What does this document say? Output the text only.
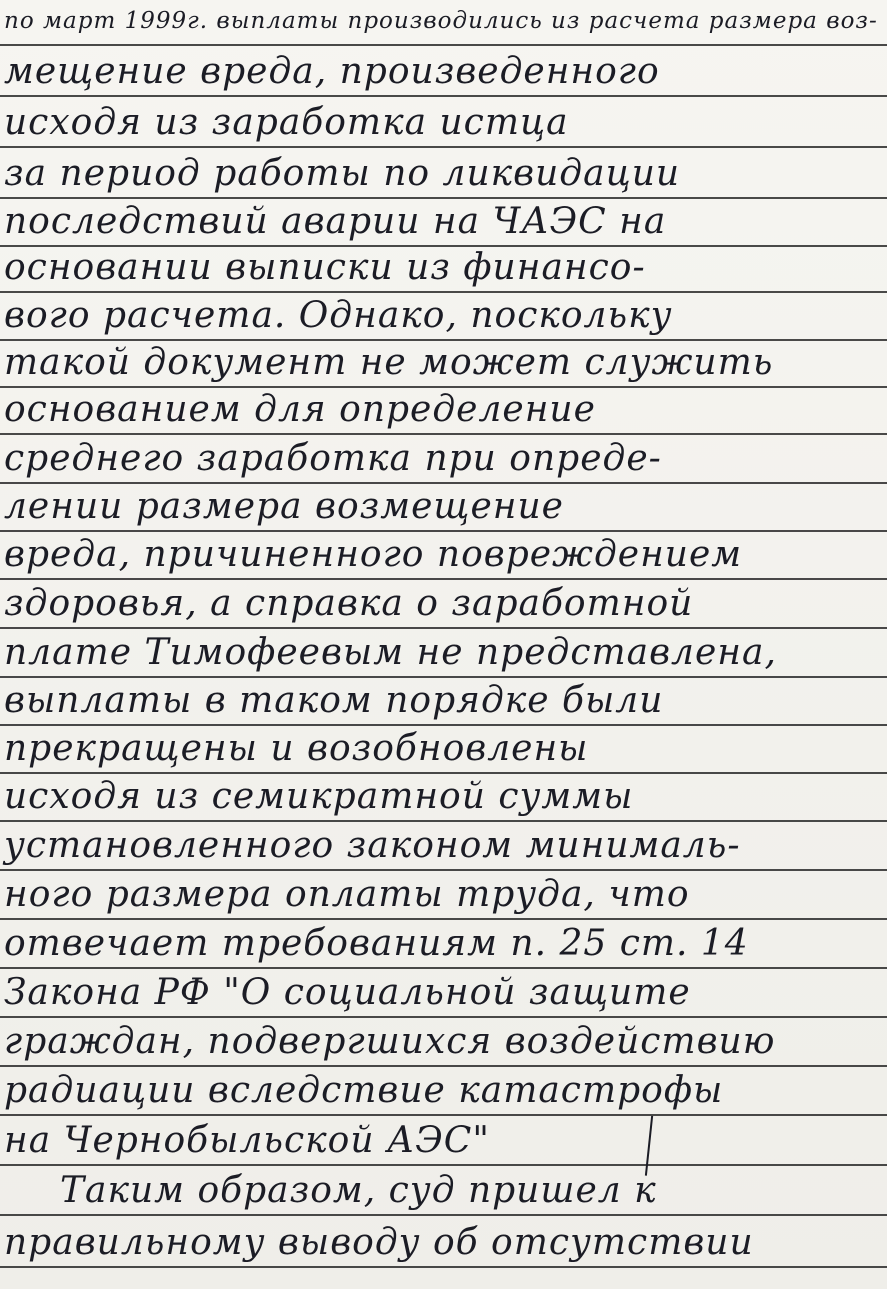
по март 1999г. выплаты производились из расчета размера воз-
мещение вреда, произведенного
исходя из заработка истца
за период работы по ликвидации
последствий аварии на ЧАЭС на
основании выписки из финансо-
вого расчета. Однако, поскольку
такой документ не может служить
основанием для определение
среднего заработка при опреде-
лении размера возмещение
вреда, причиненного повреждением
здоровья, а справка о заработной
плате Тимофеевым не представлена,
выплаты в таком порядке были
прекращены и возобновлены
исходя из семикратной суммы
установленного законом минималь-
ного размера оплаты труда, что
отвечает требованиям п. 25 ст. 14
Закона РФ "О социальной защите
граждан, подвергшихся воздействию
радиации вследствие катастрофы
на Чернобыльской АЭС"
Таким образом, суд пришел к
правильному выводу об отсутствии
